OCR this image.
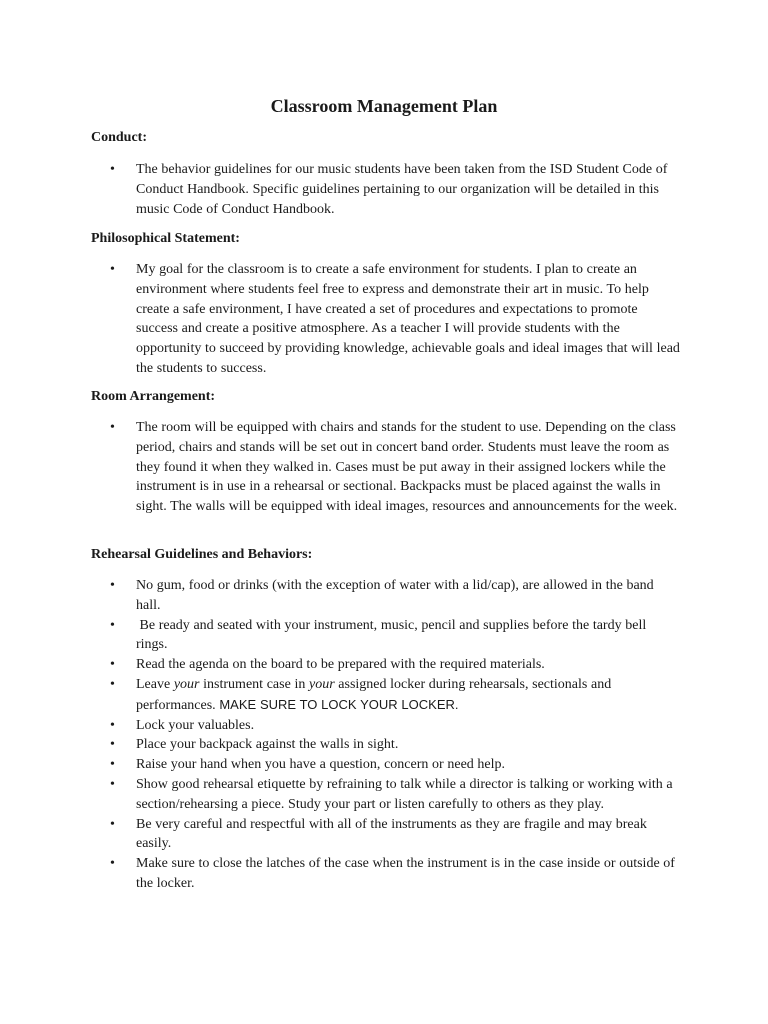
Classroom Management Plan
Conduct:
• The behavior guidelines for our music students have been taken from the ISD Student Code of Conduct Handbook. Specific guidelines pertaining to our organization will be detailed in this music Code of Conduct Handbook.
Philosophical Statement:
• My goal for the classroom is to create a safe environment for students. I plan to create an environment where students feel free to express and demonstrate their art in music. To help create a safe environment, I have created a set of procedures and expectations to promote success and create a positive atmosphere. As a teacher I will provide students with the opportunity to succeed by providing knowledge, achievable goals and ideal images that will lead the students to success.
Room Arrangement:
• The room will be equipped with chairs and stands for the student to use. Depending on the class period, chairs and stands will be set out in concert band order. Students must leave the room as they found it when they walked in. Cases must be put away in their assigned lockers while the instrument is in use in a rehearsal or sectional. Backpacks must be placed against the walls in sight. The walls will be equipped with ideal images, resources and announcements for the week.
Rehearsal Guidelines and Behaviors:
• No gum, food or drinks (with the exception of water with a lid/cap), are allowed in the band hall.
• Be ready and seated with your instrument, music, pencil and supplies before the tardy bell rings.
• Read the agenda on the board to be prepared with the required materials.
• Leave your instrument case in your assigned locker during rehearsals, sectionals and performances. MAKE SURE TO LOCK YOUR LOCKER.
• Lock your valuables.
• Place your backpack against the walls in sight.
• Raise your hand when you have a question, concern or need help.
• Show good rehearsal etiquette by refraining to talk while a director is talking or working with a section/rehearsing a piece. Study your part or listen carefully to others as they play.
• Be very careful and respectful with all of the instruments as they are fragile and may break easily.
• Make sure to close the latches of the case when the instrument is in the case inside or outside of the locker.
